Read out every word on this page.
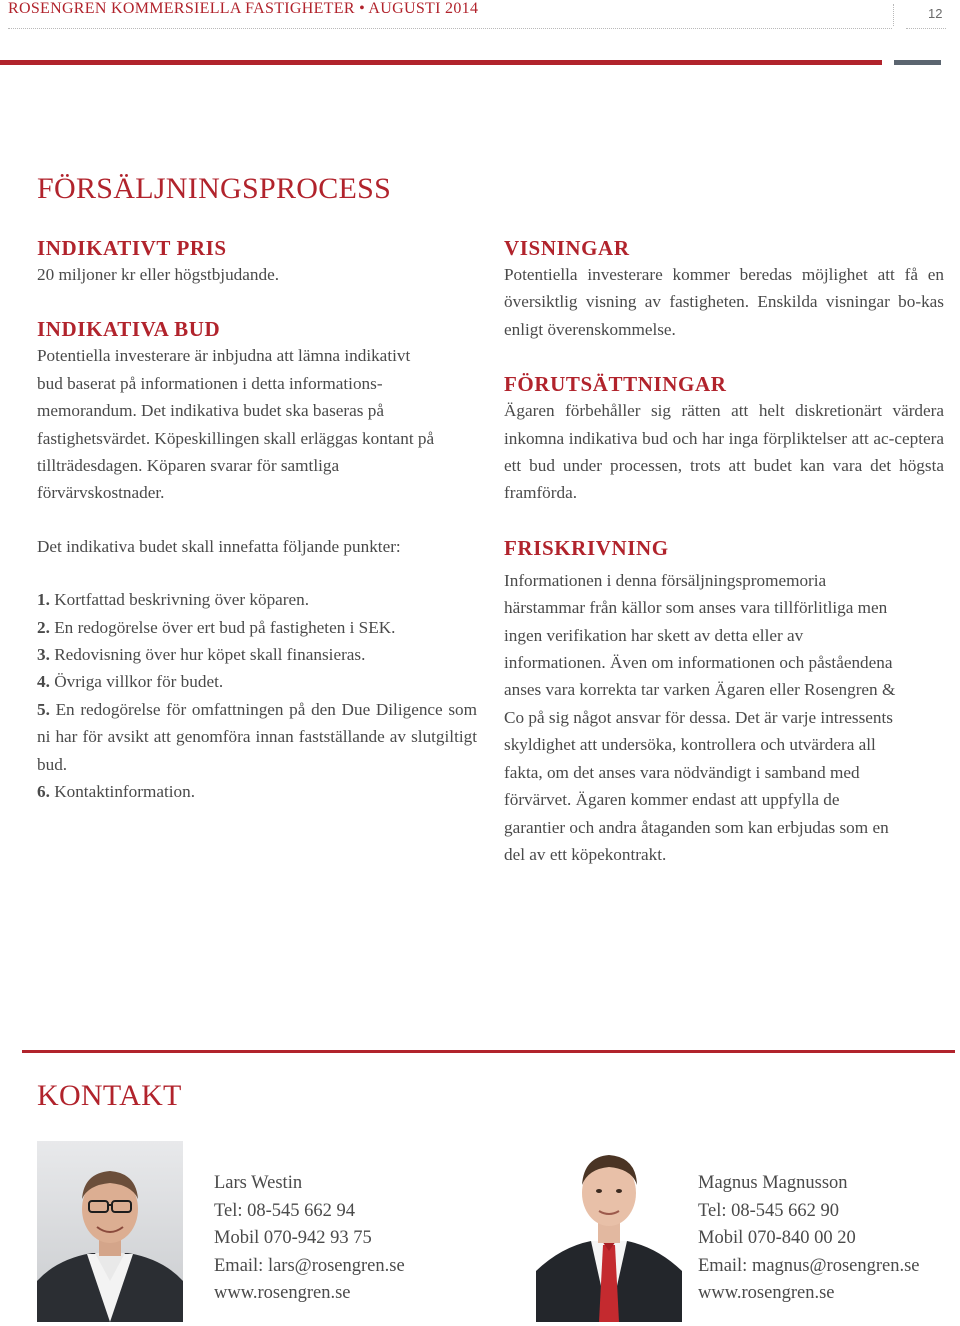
ROSENGREN KOMMERSIELLA FASTIGHETER • AUGUSTI 2014	12
FÖRSÄLJNINGSPROCESS
INDIKATIVT PRIS

20 miljoner kr eller högstbjudande.

INDIKATIVA BUD

Potentiella investerare är inbjudna att lämna indikativt

bud baserat på informationen i detta informations-

memorandum. Det indikativa budet ska baseras på

fastighetsvärdet. Köpeskillingen skall erläggas kontant på

tillträdesdagen. Köparen svarar för samtliga

förvärvskostnader.

Det indikativa budet skall innefatta följande punkter:

1. Kortfattad beskrivning över köparen.

2. En redogörelse över ert bud på fastigheten i SEK.

3. Redovisning över hur köpet skall finansieras.

4. Övriga villkor för budet.

5. En redogörelse för omfattningen på den Due Diligence som ni har för avsikt att genomföra innan fastställande av slutgiltigt bud.

6. Kontaktinformation.

VISNINGAR

Potentiella investerare kommer beredas möjlighet att få en översiktlig visning av fastigheten. Enskilda visningar bo-kas enligt överenskommelse.

FÖRUTSÄTTNINGAR

Ägaren förbehåller sig rätten att helt diskretionärt värdera inkomna indikativa bud och har inga förpliktelser att ac-ceptera ett bud under processen, trots att budet kan vara det högsta framförda.

FRISKRIVNING

Informationen i denna försäljningspromemoria

härstammar från källor som anses vara tillförlitliga men

ingen verifikation har skett av detta eller av

informationen. Även om informationen och påståendena

anses vara korrekta tar varken Ägaren eller Rosengren &

Co på sig något ansvar för dessa. Det är varje intressents

skyldighet att undersöka, kontrollera och utvärdera all

fakta, om det anses vara nödvändigt i samband med

förvärvet. Ägaren kommer endast att uppfylla de

garantier och andra åtaganden som kan erbjudas som en

del av ett köpekontrakt.

KONTAKT

Lars Westin

Tel: 08-545 662 94

Mobil 070-942 93 75

Email: lars@rosengren.se

www.rosengren.se

Magnus Magnusson

Tel: 08-545 662 90

Mobil 070-840 00 20

Email: magnus@rosengren.se

www.rosengren.se
